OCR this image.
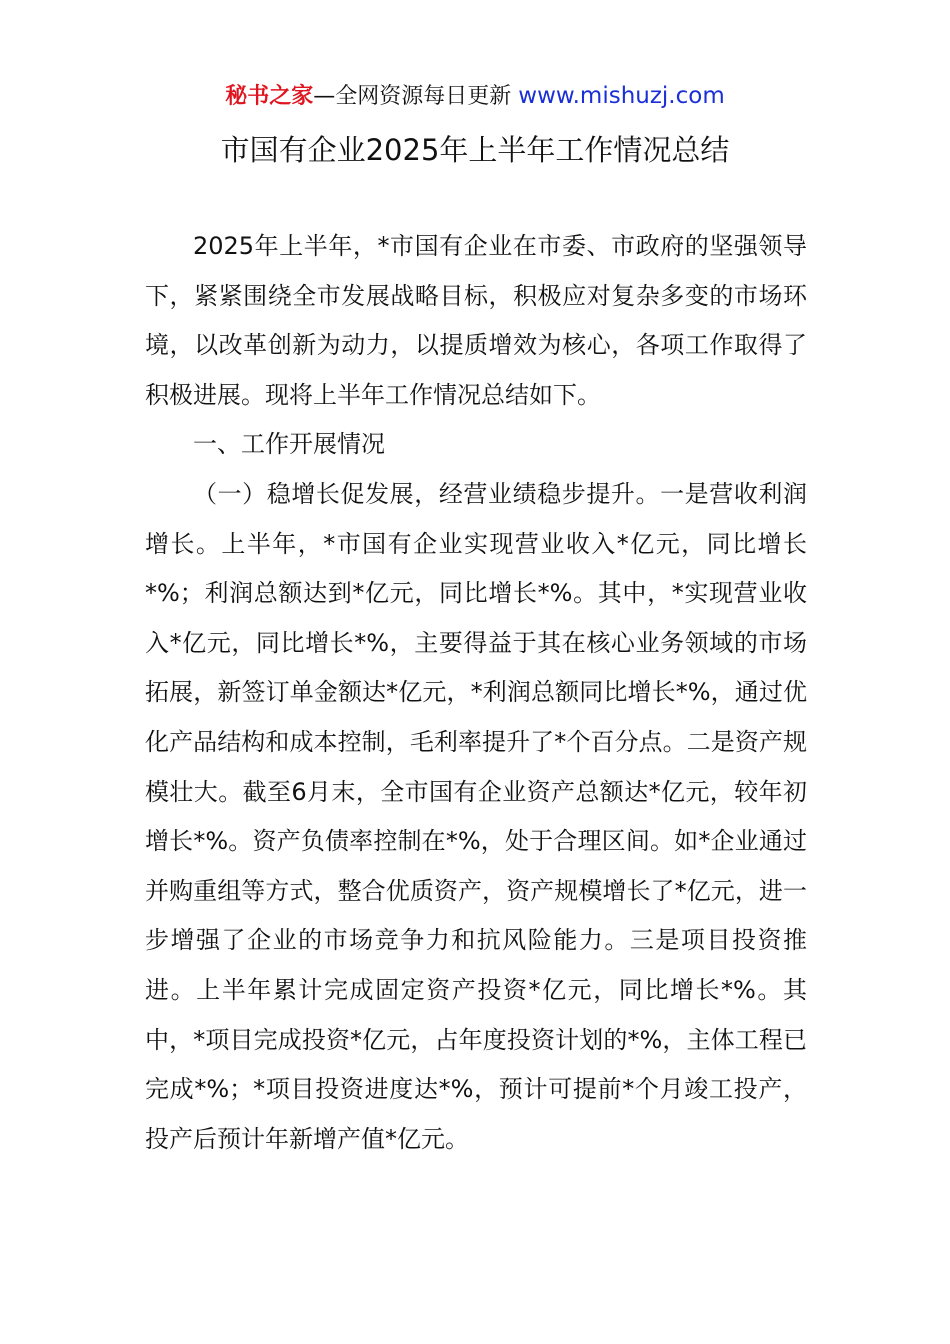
秘书之家—全网资源每日更新 www.mishuzj.com
市国有企业2025年上半年工作情况总结

2025年上半年，*市国有企业在市委、市政府的坚强领导下，紧紧围绕全市发展战略目标，积极应对复杂多变的市场环境，以改革创新为动力，以提质增效为核心，各项工作取得了积极进展。现将上半年工作情况总结如下。

一、工作开展情况

（一）稳增长促发展，经营业绩稳步提升。一是营收利润增长。上半年，*市国有企业实现营业收入*亿元，同比增长*%；利润总额达到*亿元，同比增长*%。其中，*实现营业收入*亿元，同比增长*%，主要得益于其在核心业务领域的市场拓展，新签订单金额达*亿元，*利润总额同比增长*%，通过优化产品结构和成本控制，毛利率提升了*个百分点。二是资产规模壮大。截至6月末，全市国有企业资产总额达*亿元，较年初增长*%。资产负债率控制在*%，处于合理区间。如*企业通过并购重组等方式，整合优质资产，资产规模增长了*亿元，进一步增强了企业的市场竞争力和抗风险能力。三是项目投资推进。上半年累计完成固定资产投资*亿元，同比增长*%。其中，*项目完成投资*亿元，占年度投资计划的*%，主体工程已完成*%；*项目投资进度达*%，预计可提前*个月竣工投产，投产后预计年新增产值*亿元。
